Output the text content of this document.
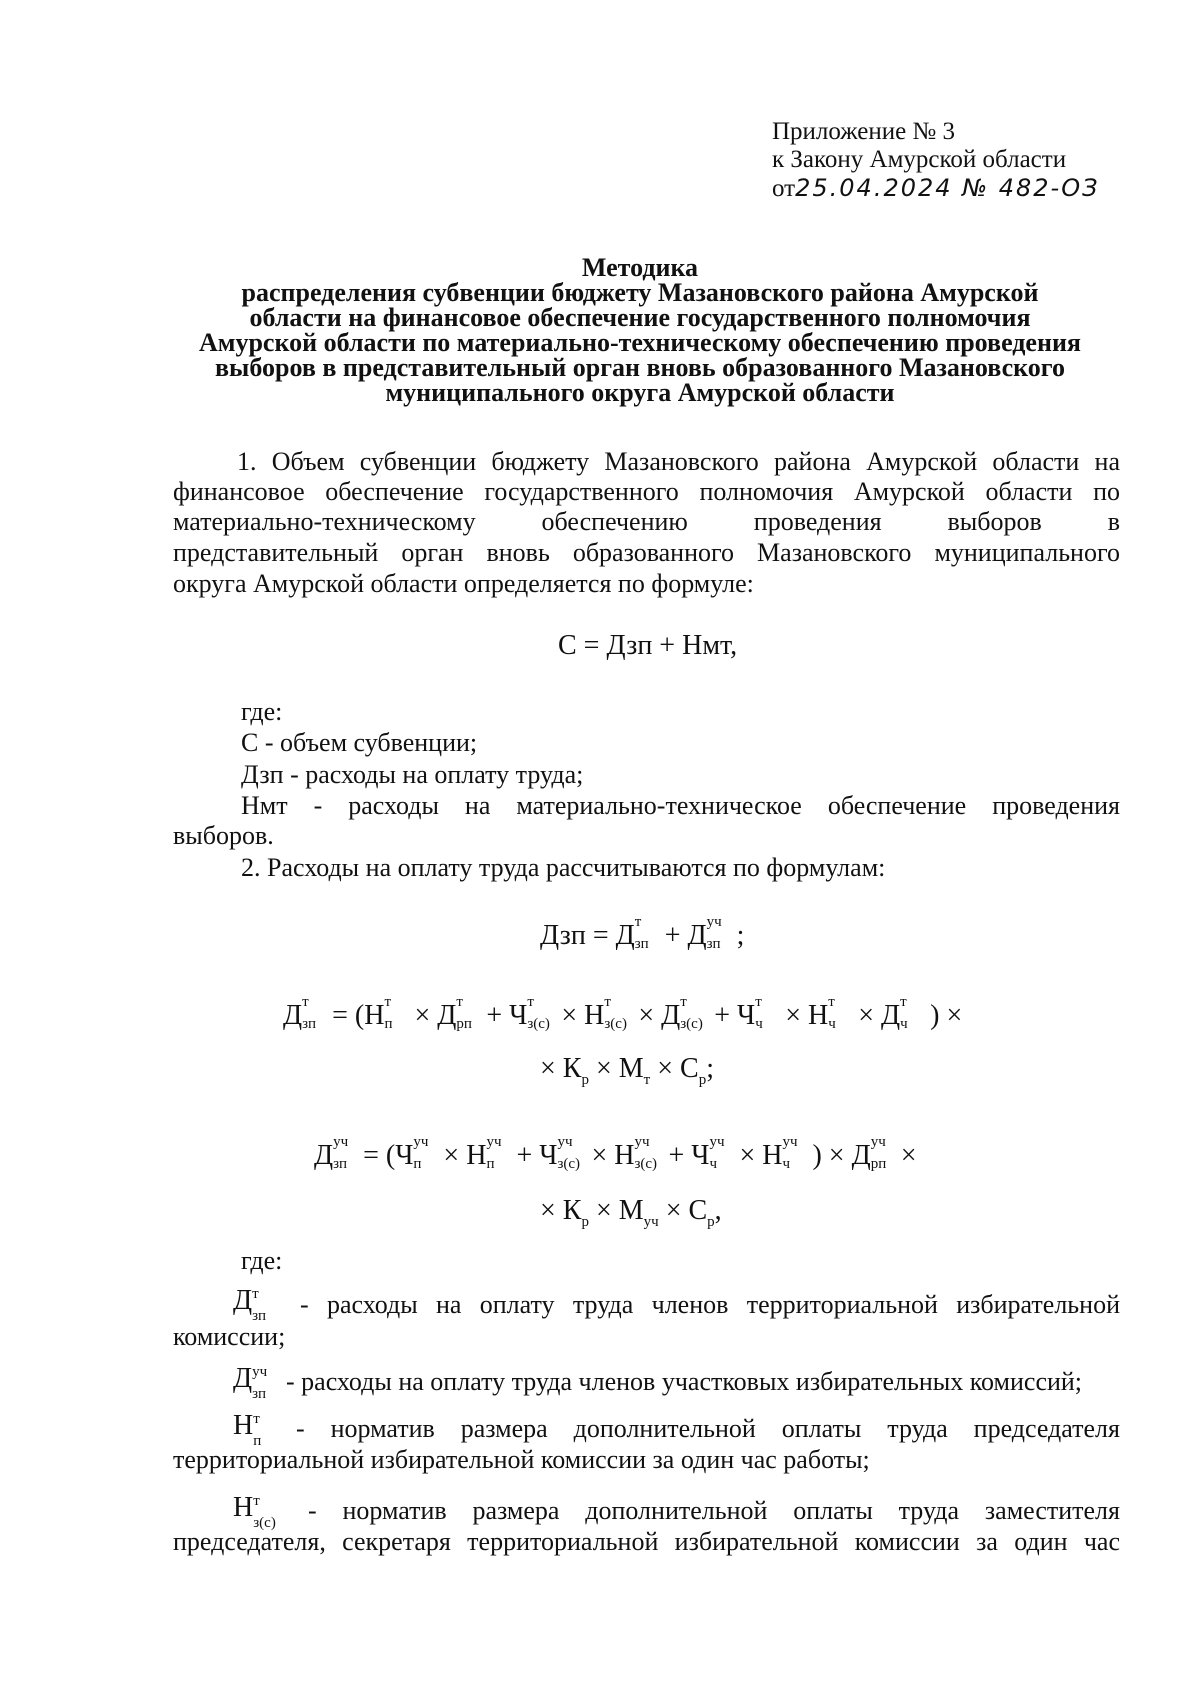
Приложение № 3
к Закону Амурской области
от25.04.2024 № 482-ОЗ
Методика
распределения субвенции бюджету Мазановского района Амурской
области на финансовое обеспечение государственного полномочия
Амурской области по материально-техническому обеспечению проведения
выборов в представительный орган вновь образованного Мазановского
муниципального округа Амурской области
1. Объем субвенции бюджету Мазановского района Амурской области на
финансовое обеспечение государственного полномочия Амурской области по
материально-техническому обеспечению проведения выборов в
представительный орган вновь образованного Мазановского муниципального
округа Амурской области определяется по формуле:
С = Дзп + Нмт,
где:
С - объем субвенции;
Дзп - расходы на оплату труда;
Нмт - расходы на материально-техническое обеспечение проведения
выборов.
2. Расходы на оплату труда рассчитываются по формулам:
Дзп = Д т
зп + Д уч
зп ;
Д т
зп = (Н т
п × Д т
рп + Ч т
з(с) × Н т
з(с) × Д т
з(с) + Ч т
ч × Н т
ч × Д т
ч ) ×
× $К_р \times М_т \times С_р$;
Д уч
зп = (Ч уч
п × Н уч
п + Ч уч
з(с) × Н уч
з(с) + Ч уч
ч × Н уч
ч ) × Д уч
рп ×
× $К_р \times М_{уч} \times С_р$,
где:
Д т
зп - расходы на оплату труда членов территориальной избирательной
комиссии;
Д уч
зп - расходы на оплату труда членов участковых избирательных комиссий;
Н т
п - норматив размера дополнительной оплаты труда председателя
территориальной избирательной комиссии за один час работы;
Н т
з(с) - норматив размера дополнительной оплаты труда заместителя
председателя, секретаря территориальной избирательной комиссии за один час
